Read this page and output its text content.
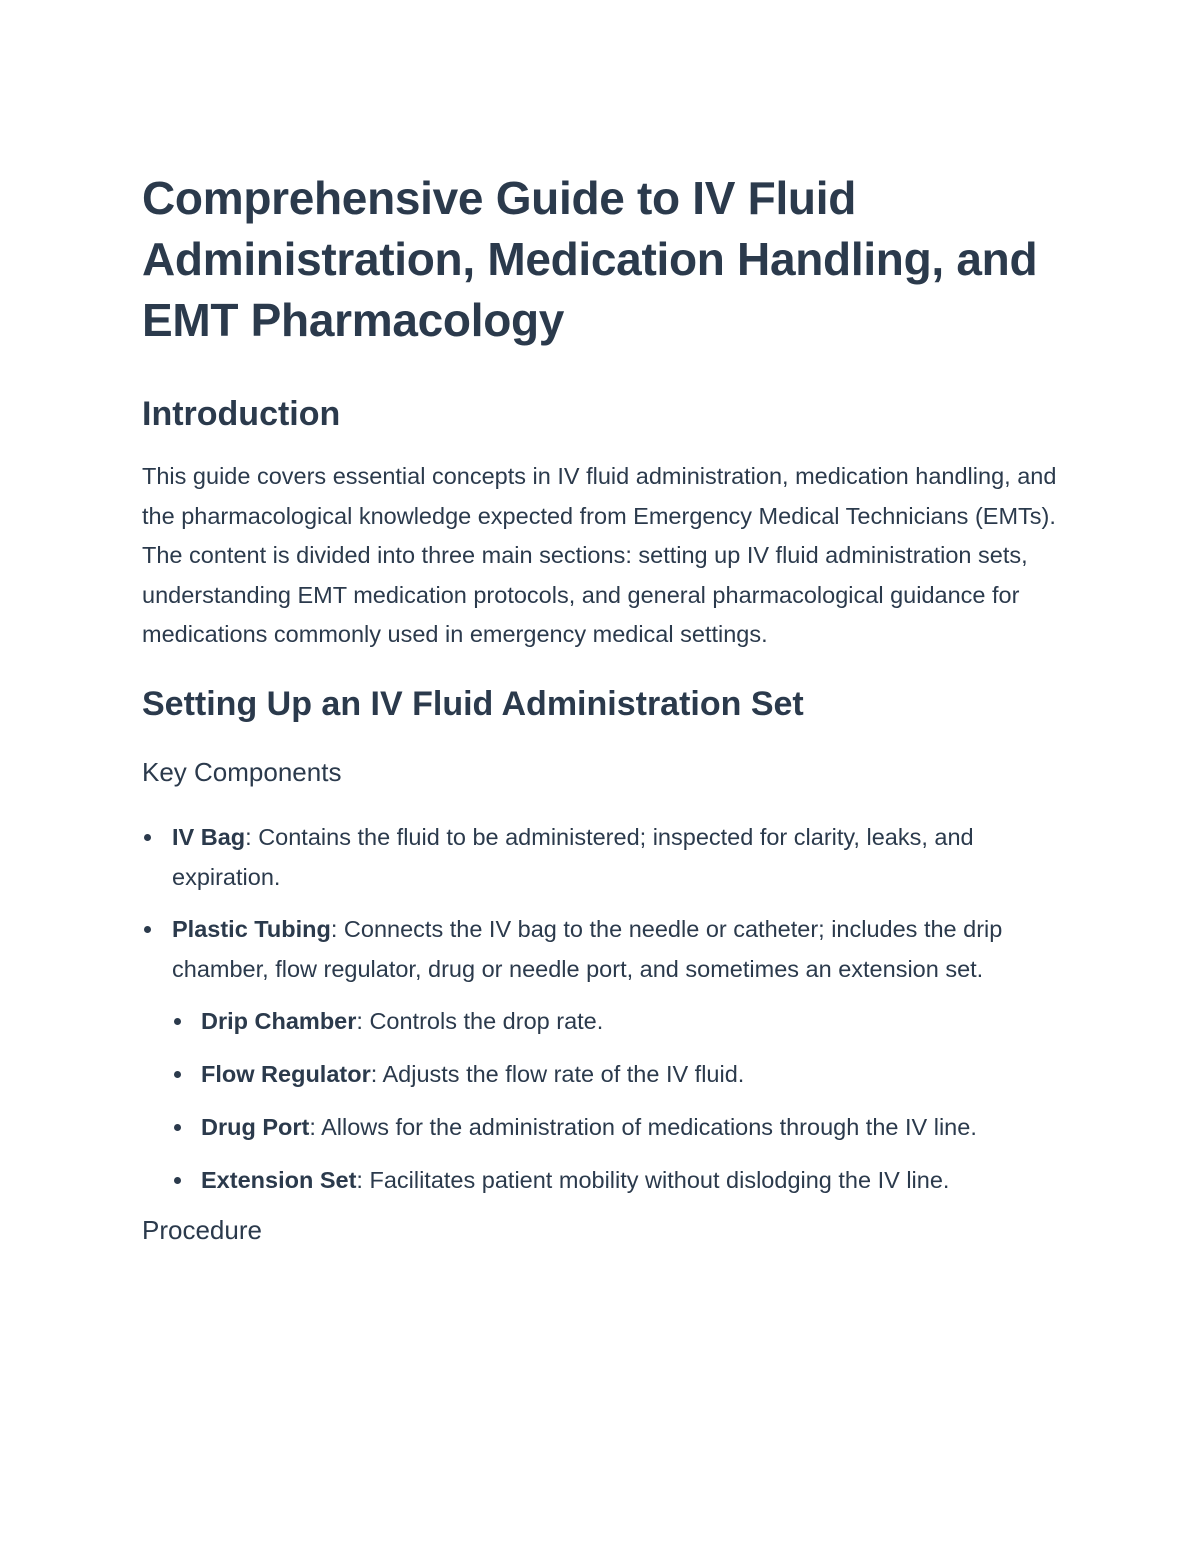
Comprehensive Guide to IV Fluid Administration, Medication Handling, and EMT Pharmacology
Introduction

This guide covers essential concepts in IV fluid administration, medication handling, and the pharmacological knowledge expected from Emergency Medical Technicians (EMTs). The content is divided into three main sections: setting up IV fluid administration sets, understanding EMT medication protocols, and general pharmacological guidance for medications commonly used in emergency medical settings.

Setting Up an IV Fluid Administration Set
Key Components
IV Bag: Contains the fluid to be administered; inspected for clarity, leaks, and expiration.
Plastic Tubing: Connects the IV bag to the needle or catheter; includes the drip chamber, flow regulator, drug or needle port, and sometimes an extension set.
Drip Chamber: Controls the drop rate.
Flow Regulator: Adjusts the flow rate of the IV fluid.
Drug Port: Allows for the administration of medications through the IV line.
Extension Set: Facilitates patient mobility without dislodging the IV line.
Procedure
